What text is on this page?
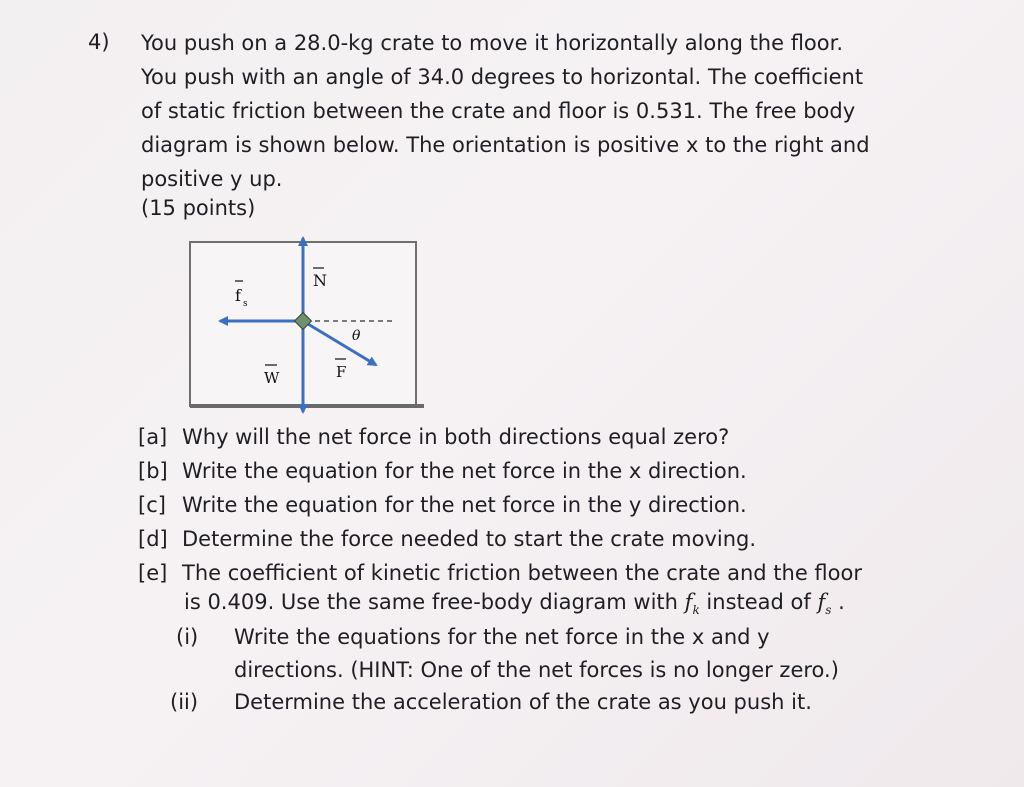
4) You push on a 28.0-kg crate to move it horizontally along the floor.
You push with an angle of 34.0 degrees to horizontal. The coefficient
of static friction between the crate and floor is 0.531. The free body
diagram is shown below. The orientation is positive x to the right and
positive y up.

(15 points)
N
f s
W	F
θ
[a] Why will the net force in both directions equal zero?
[b] Write the equation for the net force in the x direction.
[c] Write the equation for the net force in the y direction.
[d] Determine the force needed to start the crate moving.
[e] The coefficient of kinetic friction between the crate and the floor
is 0.409. Use the same free-body diagram with $f_k$ instead of $f_s$ .
(i) Write the equations for the net force in the x and y
directions. (HINT: One of the net forces is no longer zero.)
(ii) Determine the acceleration of the crate as you push it.
